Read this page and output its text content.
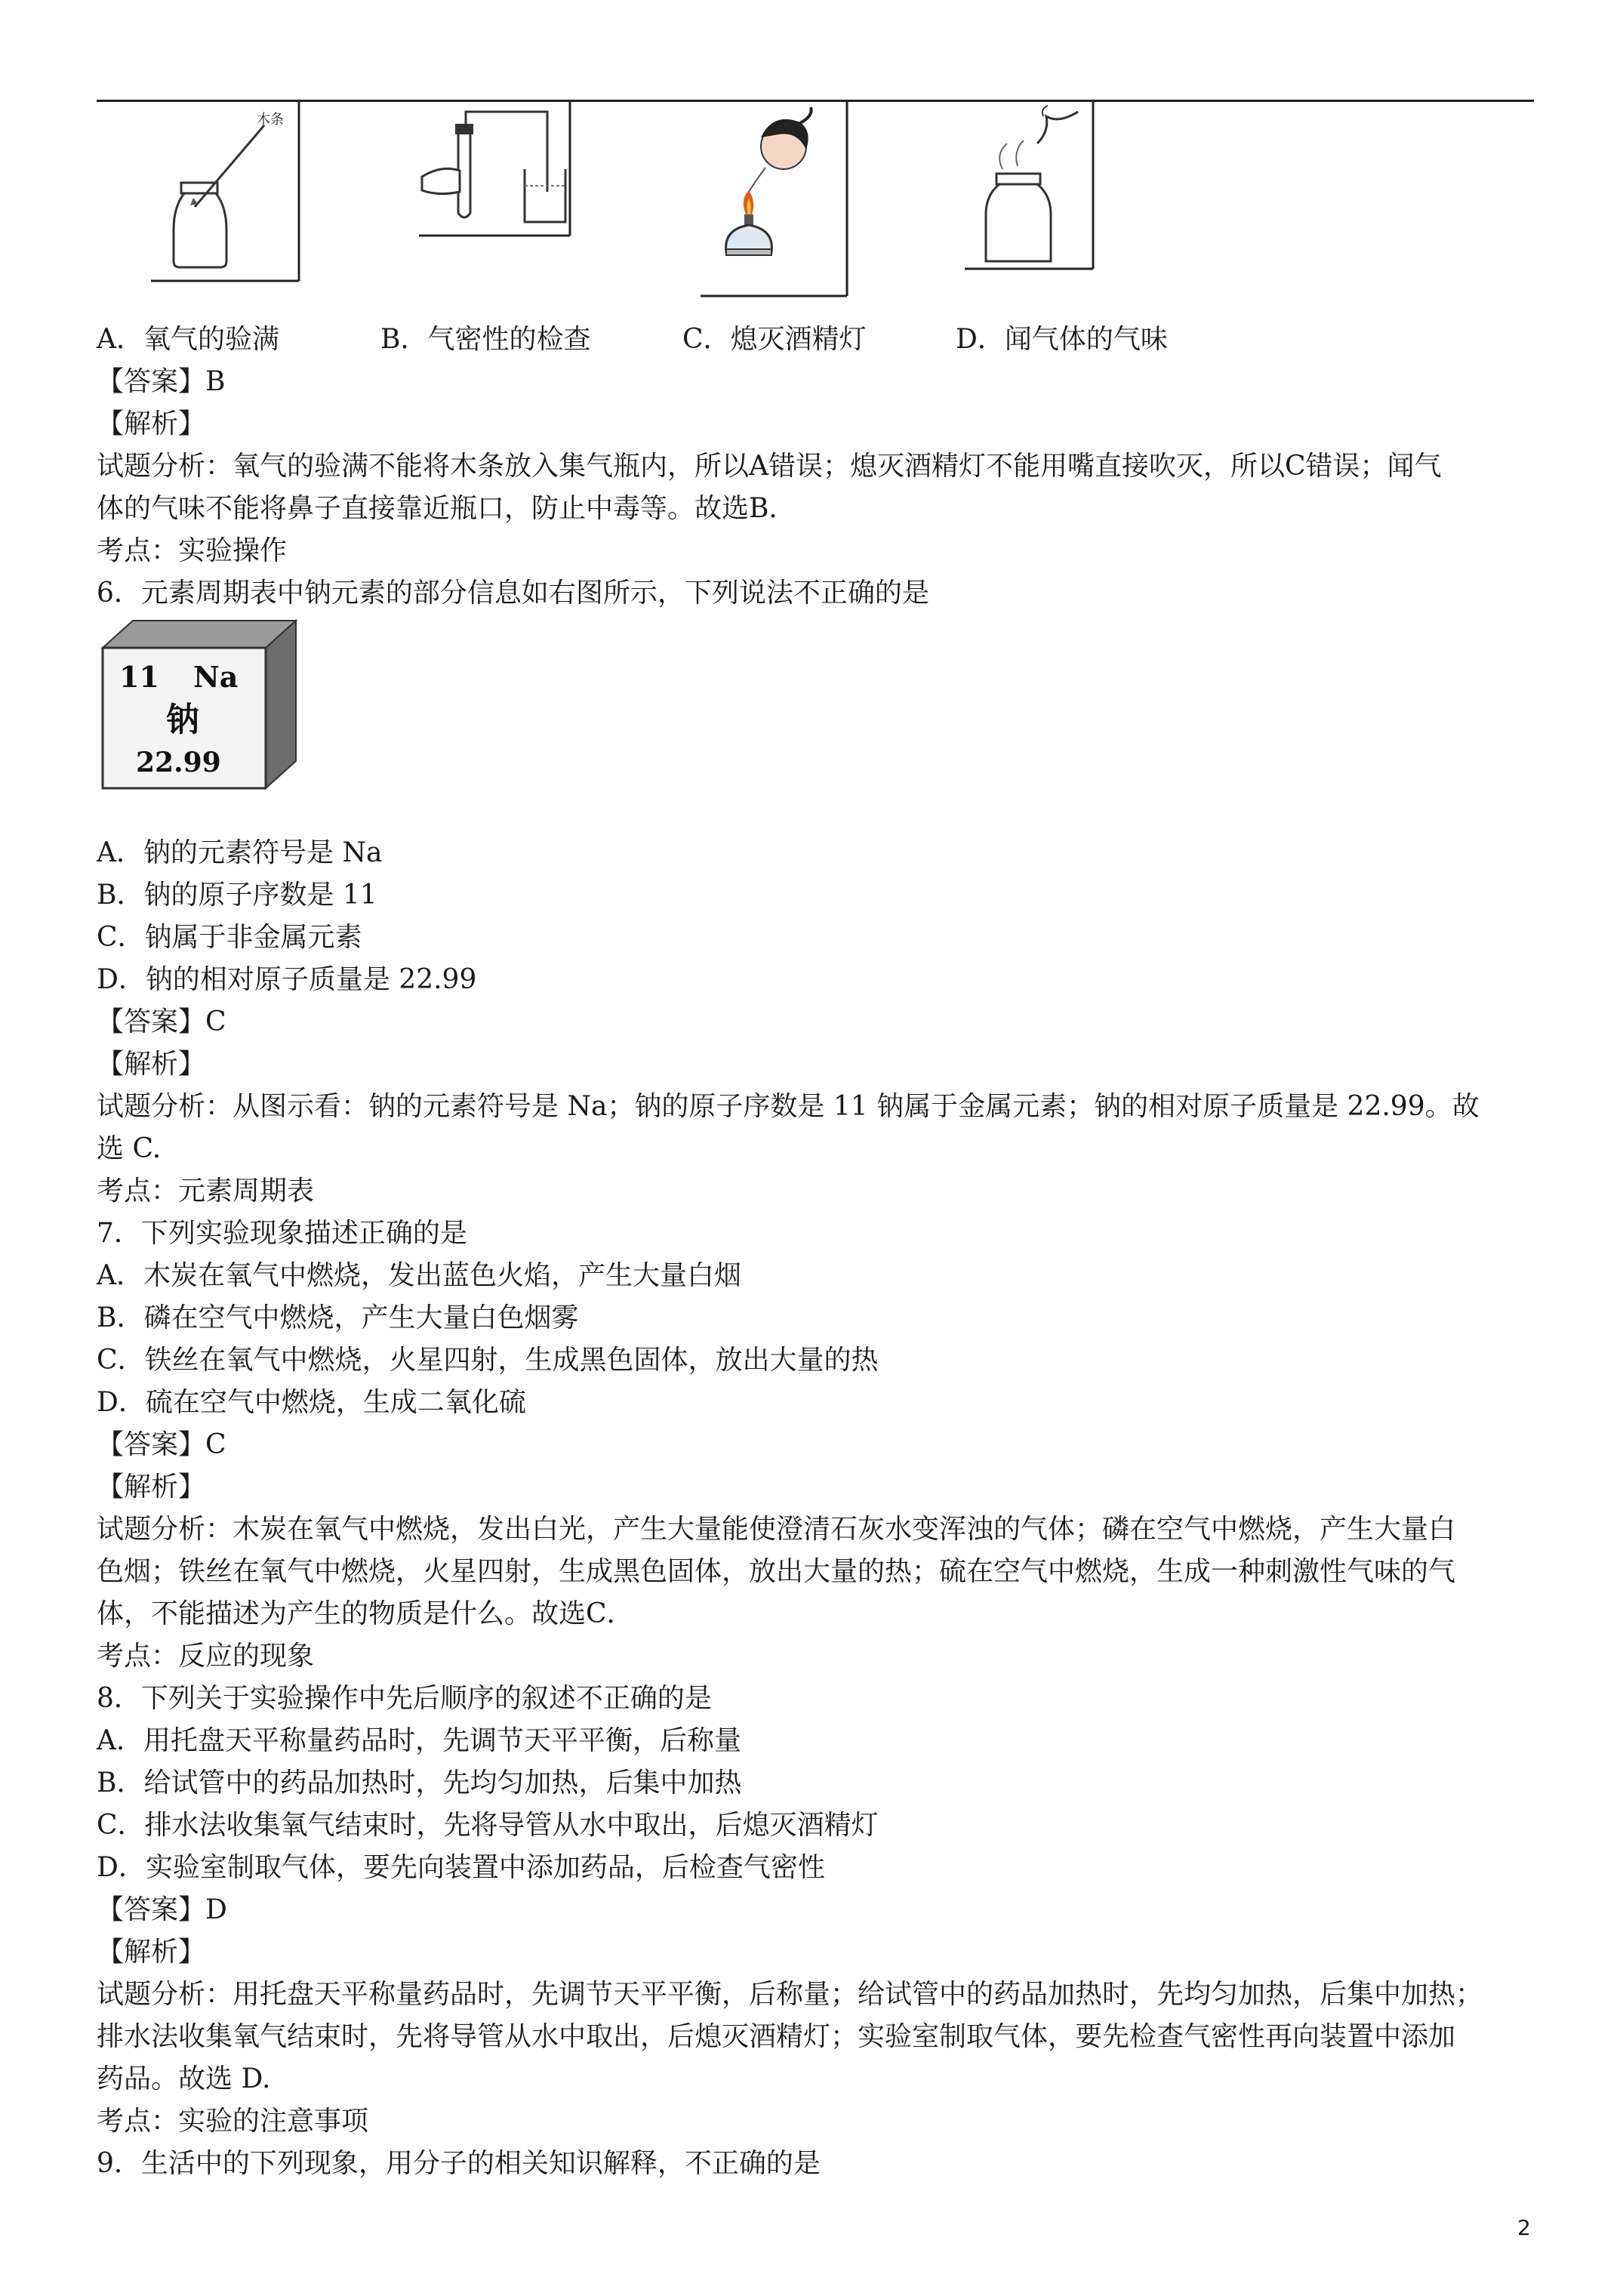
木条
A．氧气的验满	B．气密性的检查	C．熄灭酒精灯	D．闻气体的气味
【答案】B
【解析】
试题分析：氧气的验满不能将木条放入集气瓶内，所以A错误；熄灭酒精灯不能用嘴直接吹灭，所以C错误；闻气
体的气味不能将鼻子直接靠近瓶口，防止中毒等。故选B．
考点：实验操作
6．元素周期表中钠元素的部分信息如右图所示，下列说法不正确的是
11 Na
钠
22.99
A．钠的元素符号是 Na
B．钠的原子序数是 11
C．钠属于非金属元素
D．钠的相对原子质量是 22.99
【答案】C
【解析】
试题分析：从图示看：钠的元素符号是 Na；钠的原子序数是 11 钠属于金属元素；钠的相对原子质量是 22.99。故
选 C.
考点：元素周期表
7．下列实验现象描述正确的是
A．木炭在氧气中燃烧，发出蓝色火焰，产生大量白烟
B．磷在空气中燃烧，产生大量白色烟雾
C．铁丝在氧气中燃烧，火星四射，生成黑色固体，放出大量的热
D．硫在空气中燃烧，生成二氧化硫
【答案】C
【解析】
试题分析：木炭在氧气中燃烧，发出白光，产生大量能使澄清石灰水变浑浊的气体；磷在空气中燃烧，产生大量白
色烟；铁丝在氧气中燃烧，火星四射，生成黑色固体，放出大量的热；硫在空气中燃烧，生成一种刺激性气味的气
体，不能描述为产生的物质是什么。故选C．
考点：反应的现象
8．下列关于实验操作中先后顺序的叙述不正确的是
A．用托盘天平称量药品时，先调节天平平衡，后称量
B．给试管中的药品加热时，先均匀加热，后集中加热
C．排水法收集氧气结束时，先将导管从水中取出，后熄灭酒精灯
D．实验室制取气体，要先向装置中添加药品，后检查气密性
【答案】D
【解析】
试题分析：用托盘天平称量药品时，先调节天平平衡，后称量；给试管中的药品加热时，先均匀加热，后集中加热；
排水法收集氧气结束时，先将导管从水中取出，后熄灭酒精灯；实验室制取气体，要先检查气密性再向装置中添加
药品。故选 D.
考点：实验的注意事项
9．生活中的下列现象，用分子的相关知识解释，不正确的是
2
